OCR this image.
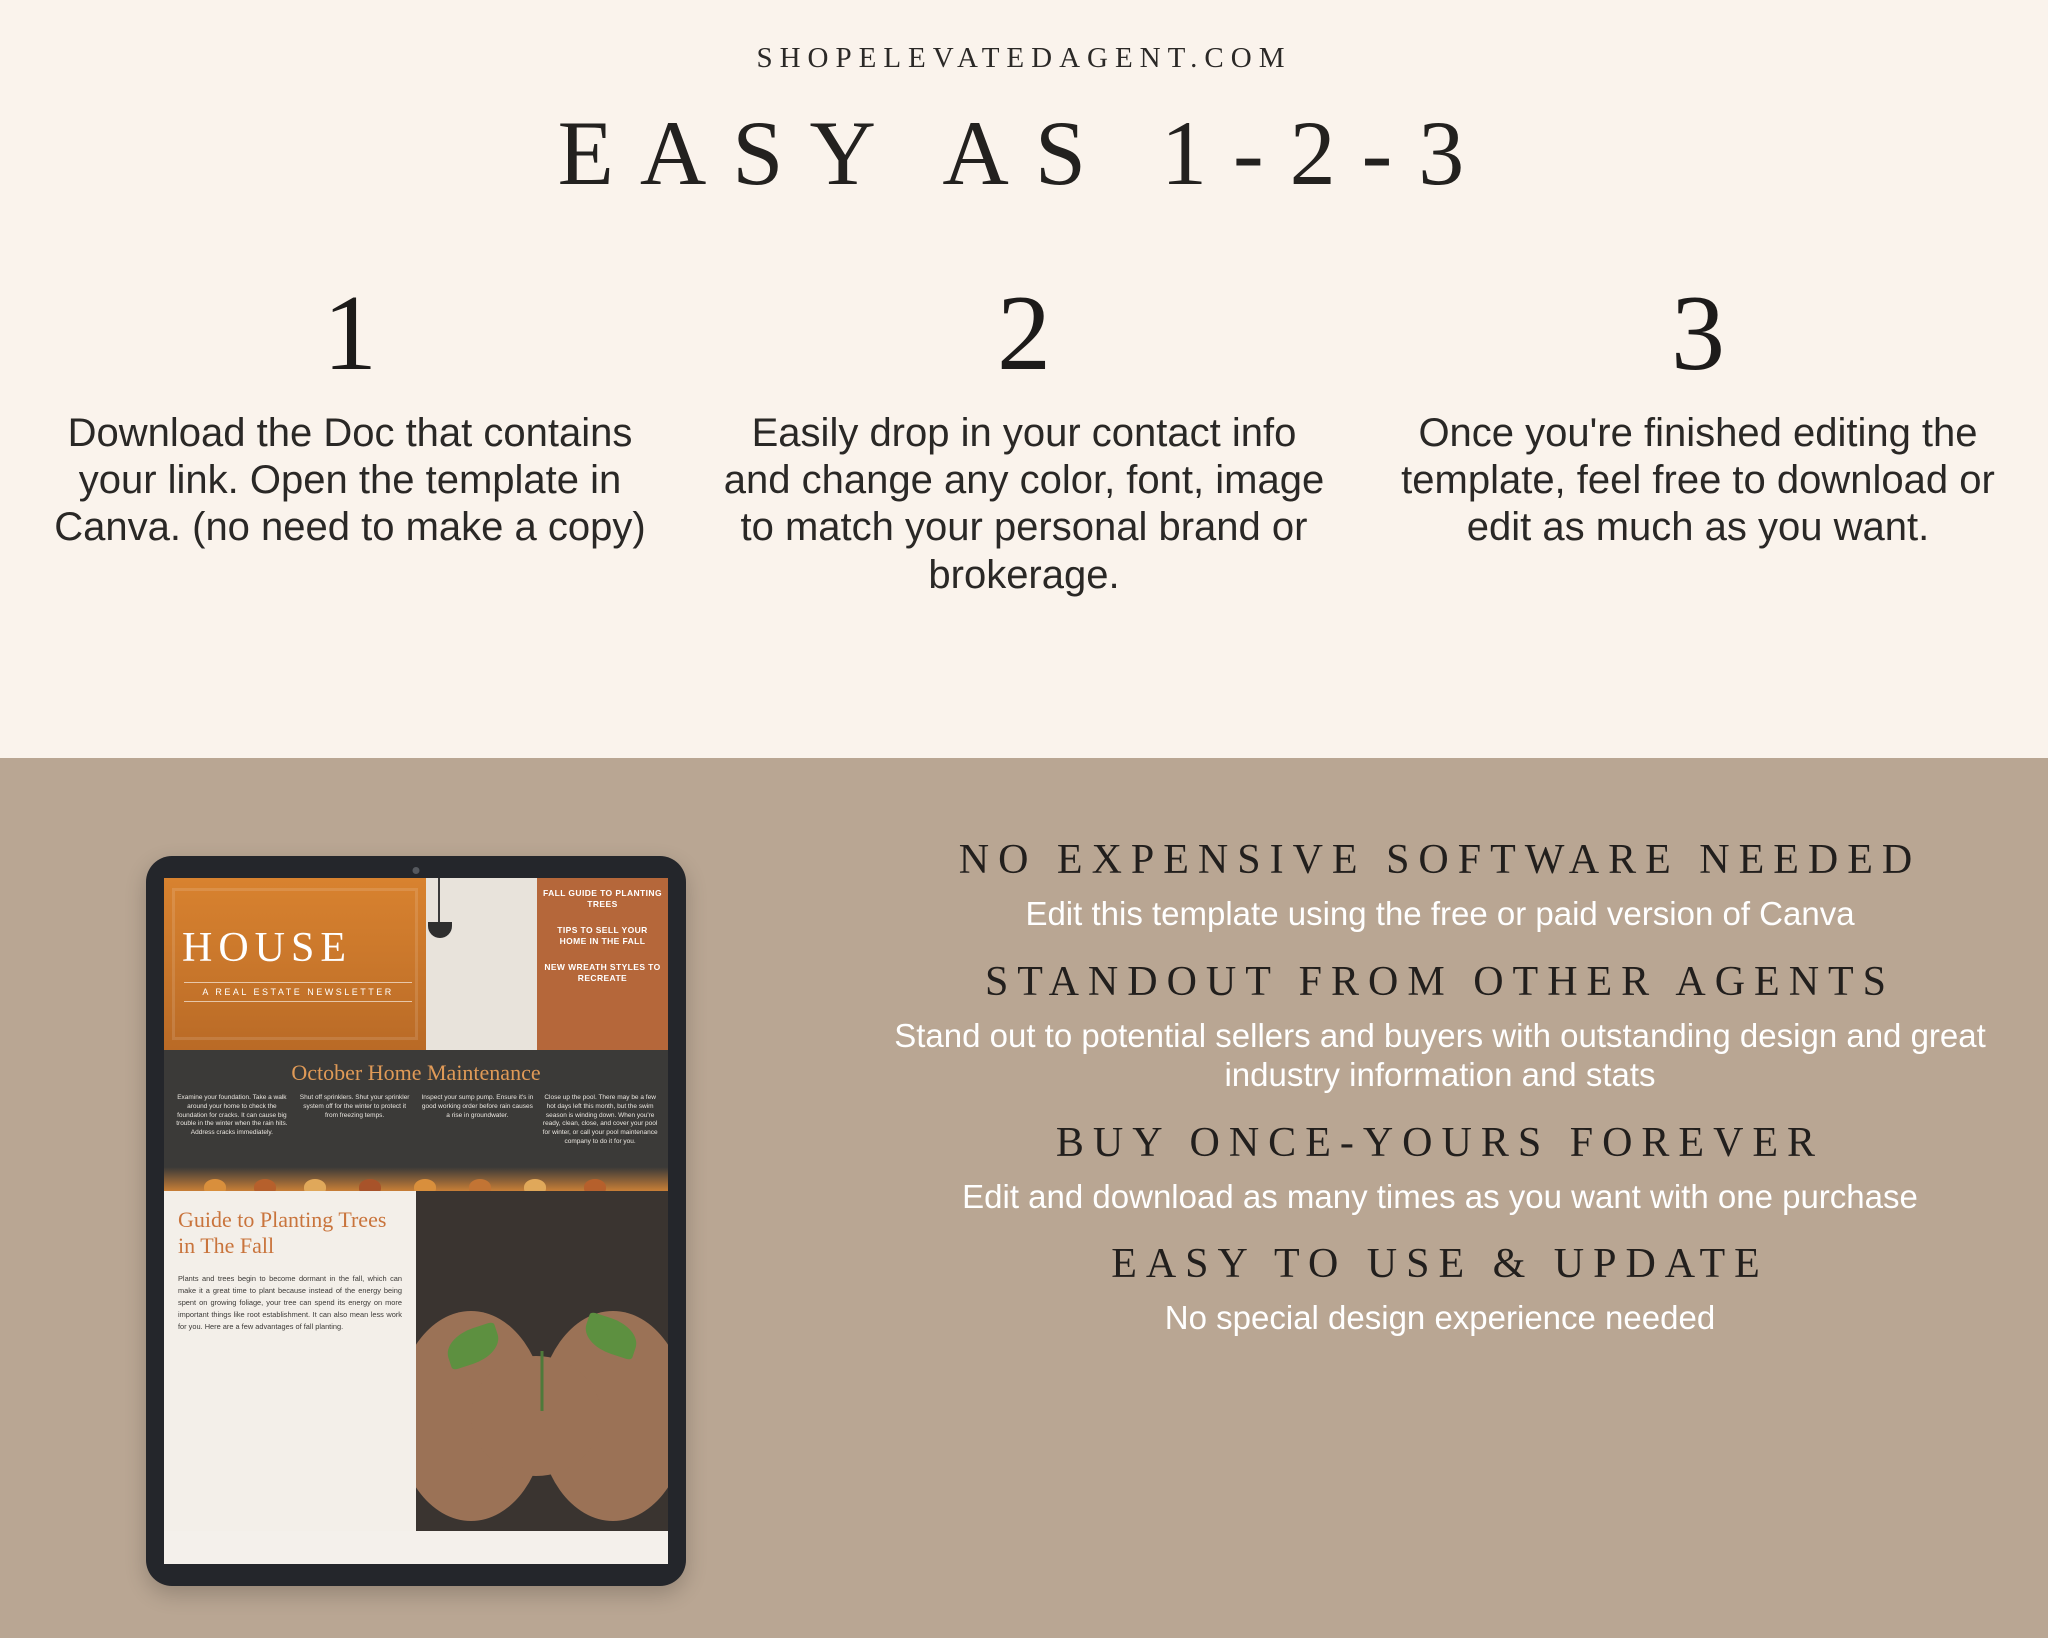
SHOPELEVATEDAGENT.COM
EASY AS 1-2-3
1
Download the Doc that contains your link. Open the template in Canva. (no need to make a copy)
2
Easily drop in your contact info and change any color, font, image to match your personal brand or brokerage.
3
Once you're finished editing the template, feel free to download or edit as much as you want.
HOUSE
A REAL ESTATE NEWSLETTER
FALL GUIDE TO PLANTING TREES
TIPS TO SELL YOUR HOME IN THE FALL
NEW WREATH STYLES TO RECREATE
October Home Maintenance

Examine your foundation. Take a walk around your home to check the foundation for cracks. It can cause big trouble in the winter when the rain hits. Address cracks immediately.

Shut off sprinklers. Shut your sprinkler system off for the winter to protect it from freezing temps.

Inspect your sump pump. Ensure it's in good working order before rain causes a rise in groundwater.

Close up the pool. There may be a few hot days left this month, but the swim season is winding down. When you're ready, clean, close, and cover your pool for winter, or call your pool maintenance company to do it for you.

Guide to Planting Trees in The Fall
Plants and trees begin to become dormant in the fall, which can make it a great time to plant because instead of the energy being spent on growing foliage, your tree can spend its energy on more important things like root establishment. It can also mean less work for you. Here are a few advantages of fall planting.
NO EXPENSIVE SOFTWARE NEEDED
Edit this template using the free or paid version of Canva
STANDOUT FROM OTHER AGENTS
Stand out to potential sellers and buyers with outstanding design and great industry information and stats
BUY ONCE-YOURS FOREVER
Edit and download as many times as you want with one purchase
EASY TO USE & UPDATE
No special design experience needed
